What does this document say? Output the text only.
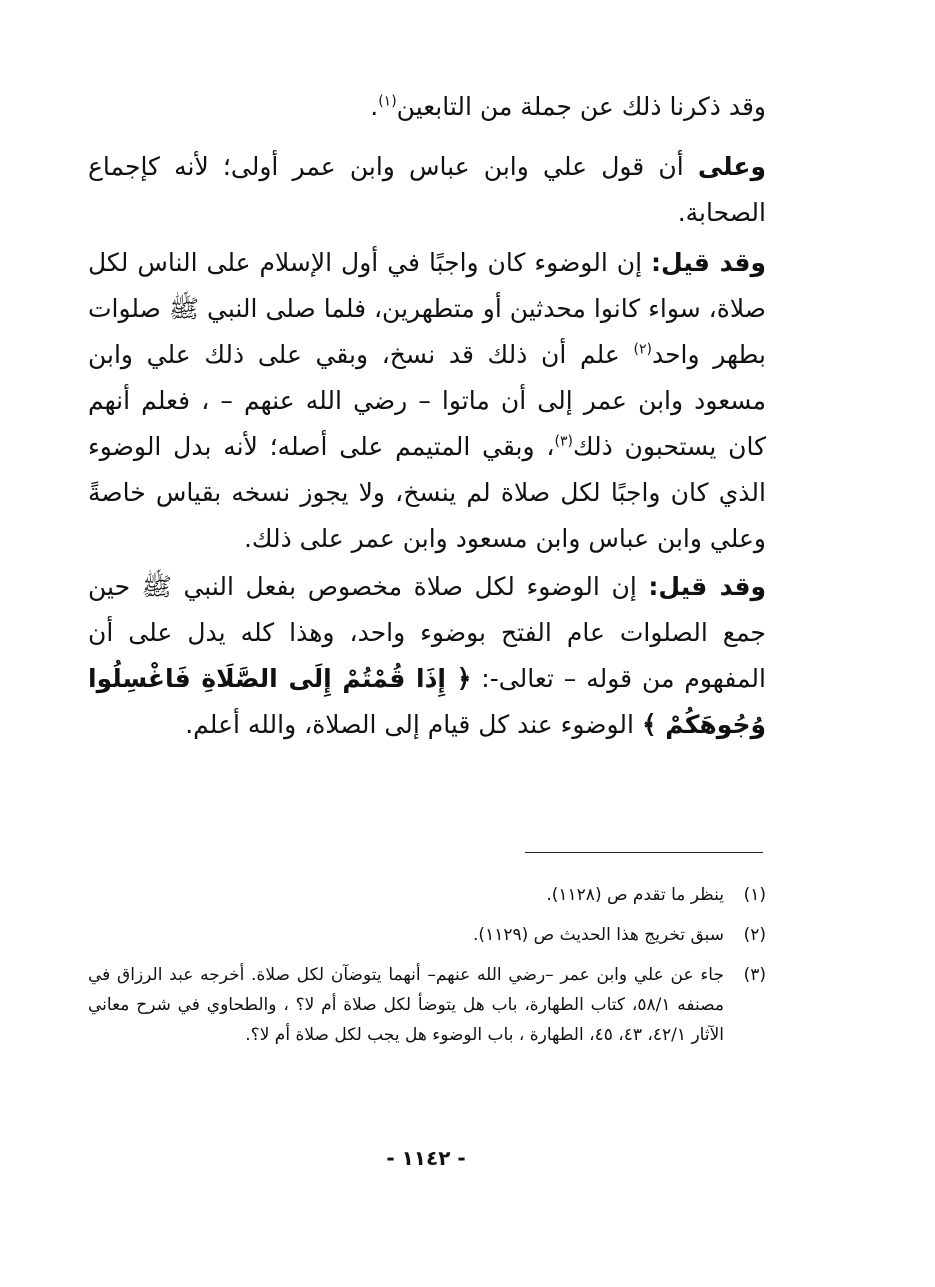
وقد ذكرنا ذلك عن جملة من التابعين$^{(١)}$.

وعلى أن قول علي وابن عباس وابن عمر أولى؛ لأنه كإجماع الصحابة.

وقد قيل: إن الوضوء كان واجبًا في أول الإسلام على الناس لكل صلاة، سواء كانوا محدثين أو متطهرين، فلما صلى النبي ﷺ صلوات بطهر واحد$^{(٢)}$ علم أن ذلك قد نسخ، وبقي على ذلك علي وابن مسعود وابن عمر إلى أن ماتوا – رضي الله عنهم – ، فعلم أنهم كان يستحبون ذلك$^{(٣)}$، وبقي المتيمم على أصله؛ لأنه بدل الوضوء الذي كان واجبًا لكل صلاة لم ينسخ، ولا يجوز نسخه بقياس خاصةً وعلي وابن عباس وابن مسعود وابن عمر على ذلك.

وقد قيل: إن الوضوء لكل صلاة مخصوص بفعل النبي ﷺ حين جمع الصلوات عام الفتح بوضوء واحد، وهذا كله يدل على أن المفهوم من قوله – تعالى-: ﴿ إِذَا قُمْتُمْ إِلَى الصَّلَاةِ فَاغْسِلُوا وُجُوهَكُمْ ﴾ الوضوء عند كل قيام إلى الصلاة، والله أعلم.

(١)
ينظر ما تقدم ص (١١٢٨).
(٢)
سبق تخريج هذا الحديث ص (١١٢٩).
(٣)
جاء عن علي وابن عمر –رضي الله عنهم– أنهما يتوضآن لكل صلاة. أخرجه عبد الرزاق في مصنفه ٥٨/١، كتاب الطهارة، باب هل يتوضأ لكل صلاة أم لا؟ ، والطحاوي في شرح معاني الآثار ٤٢/١، ٤٣، ٤٥، الطهارة ، باب الوضوء هل يجب لكل صلاة أم لا؟.
- ١١٤٢ -
